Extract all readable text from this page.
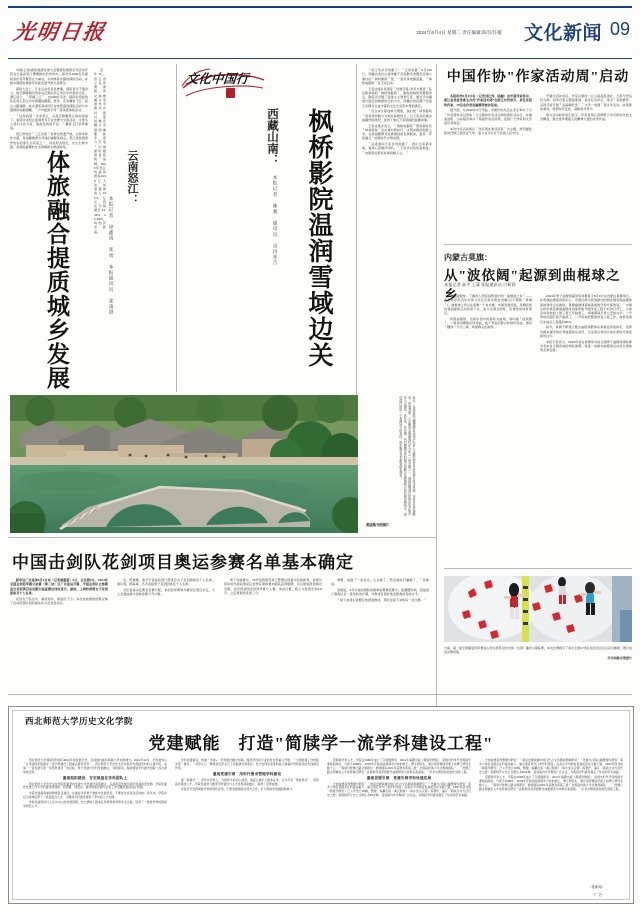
光明日报	2024年6月4日 星期二 责任编辑:陈雪/汪媛 文化新闻 09

中国(云南)探险旅游发展大会暨探险旅游系列活动开资在云南省怒江傈僳族自治州举办。国内外1000名名探险爱好者齐聚怒江大峡谷，共同体验丰富的探险活动，并就中国探险旅游可持续发展开展交流研讨。

探险大会上，专业运动员各显神通，探险者当不遗余力。数百辆摩旅自驾车队近期从怒江州泸水市集结出发，溯江而上，＂穿越三江＂，由200位学者、探险家组成的队伍深入怒江河中游腹地踏勘，此外，还有翼装飞行、高山公路速降、桂式漂流等如同专业性极高的探险活动与中国探险电影圈瞩、＂户外摇滚专场＂等深度体验活动。

＂这是我第一次来怒江，从高空俯瞰怒江真的美丽了。希望未来怒江能够更多专业比赛与交流活动，令更多人感识文化交流、提高自我的平台。＂翼装飞行员陈顺说。

怒江州地处＂三江并流＂世界自然遗产地，生物多样性丰富，是南藏旅游大环线的重要连接点。怒江是我国保护较好的原生态河流之一，河流形态稳定，水生生物丰富，是我国重要的生态屏障和水源涵养地。

近年来，怒江州立足资源禀赋，把文体旅融合发展作为推动乡村振兴、促进城乡融合发展的重要抓手，着力打造＂中国探险旅游目的地＂品牌。2023年怒江州接待游客1239万人次，实现旅游收入136.9亿元，同比分别增长13.42%、22.45%，均创历史新高。	本报记者 徐鑫雨 张勇 本报通讯员 张凌澄
云南怒江：
体旅融合提质城乡发展
文化中国行
枫桥影院温润雪域边关
西藏山南：
本报记者 佛强 通讯员 尕玛多吉

＂咱王家乡有电影了！＂正是电影＂6月100日，西藏自治区山南市隆子县各群众欢聚在边境小康村的＂枫桥影院＂里，一起共享电影盛宴，＂枫桥电影院＂在王家启动。

王家边境乡是国家＂党建引领+党员志愿者＂队伍相承接的＂枫桥电影院＂，影院放映的免费服务点，影院还设置了爱国主义教育专区，通过手动播放与固定放映相结合的方式，西藏自治区隆子县加玉乡群众日益丰富的文化生活需求得到满足。

＂连日来片影放映专题展，我们把＂枫桥影院＂的常规放映与当地实际相结合，以王家乡的桑杰前藏传统典型，讲述了他们万家团圆的温暖故事。

王家边境乡表示，＂枫桥电影院＂既是新时代＂枫桥经验＂在边境村新时代＂文明实践的创新之举，也是凝聚群众民族团结的有效载体，更是＂军民融合＂的新时代文明实践。

＂凉爽到咱王家乡放电影了，我们全家都来看，看得心里暖洋洋的。＂王家乡村民热爱地说，＂电影里的那些故事真暖人心。＂

近日，云南省怒江傈僳族自治州泸水市上江镇付坝村乡村民居与村庄风貌，该村村容村貌整洁，风景秀丽。上江镇是全国重建村庄分布之一的乡镇之一，现保留明清古民居200多栋及多个古建筑，近年来，该乡镇、该村镇通过乡村振兴战略与民族团结示范村建设相结合，将村落打造成一个充满活力的景区，每年吸引众多游客前来观光。
黄喆摄/光明图片
中国作协"作家活动周"启动

本报杭州6月3日电（记者刘江伟、陆健）由中国作家协会、浙江省委宣传部主办的"作家活动周"在浙江台州举办，单位发起的作家，15位名作者赴编辑带参加活动。

据介绍，从2018年3月开始，中国作协先后在北京举办了以＂作家朋友来过回家＂为主题的作家活动周和创作活动日，在湖南益阳、山东临沂举办了两届作家活动周，受到广大作家和文学爱好者欢迎。

本次作家活动周以＂作家朋友欢迎回家＂为主题，热烈描绘新时代浙江现实定气象、着力书写生生不息的人民史诗。

开幕式启动来后，作家们参加一江山高高促进社、大陈与登岛纪念碑、将军台里主题馆等地、追寻红色印记，举办＂家国情怀、其同还将开展＂名编辑代表＂＂文学一堂课＂等文学活动，收集新的素材，感悟时代变化，深耕创作养分。

参与活动的作家们表示，作家将用心用情用力书写新时代的文学精品，推出更多增强人民精神力量的优秀作品。

内蒙古莫旗：
从"波依阔"起源到曲棍球之乡
本报记者 高平 王潇 本报通讯员 白莉莉

说起曲棍球，了解的人很容易想到中国＂曲棍球之乡＂——内蒙古呼伦贝尔市莫力达瓦达斡尔族自治旗(以下简称＂莫旗＂)。曲棍球之所以在莫旗一个自治旗、中国发展旺盛，是旗县如何将曲棍球运动传承下去，成为全国全国性、民族性的体育项目。

传统曲棍球，达斡尔语中的称呼为曲球，球叫做＂波依阔＂，一般选用柳根自然弯曲、枝干笔直的蒙古柞制作而成，球有＂糖球＂分为三种，均须物毛皮制作。

2024年男子曲棍球超冠军杯赛将于6月8日在内蒙古莫旗举行。在莫旗曲棍球训练中心、中国达斡尔民族园内的两处国家级曲棍球基地建设正在推进。莫旗曲棍球基地基地建设和升级改造，＂中国达斡尔族民族园曲棍球训练场地升级改造工程于4月5日开工，主体会动场地的土建工程已开始施工，场地期间打样已安装完毕。一号场地范围打桩开始施工、二号场地的整体改造工程工作，体育馆项目完成总工程量的90%。

如今，莫旗不断建立健全曲棍球群体系和基层训练体系，培养出越来越多的优秀曲棍球运动员，让这项古老的运动在新时代焕发新的活力。

本报记者表示，2024年将在莫旗举办的全国男子曲棍球锦标赛共有来自全国各地的球队参赛，将进一步推动曲棍球运动在全国的普及和发展。

中国击剑队花剑项目奥运参赛名单基本确定

新华社广东连溪6月3日电（记者黄重富）3日，正在期3日、2024年全国击剑冠军赛分站赛（第二站）区广东连运开赛，中国击剑队已参赛运合花剑项目名定跟归选拔赛也同时进行。最终，上海秒获得女子花剑团体及个人名单。

花剑女子队伍中，除老将外，新面孔不少。本次选拔赛的结果反映了运动员现阶段的真实实力及竞技状态。

名，陈情维，黄平平直接获得已经离会女子花剑团体及个人名单。黄铃缘，陈海威，齐齐直接男子花剑团体及个人名单。

无论直接决定赛会名额分配，本站冠军赛举办赛况比项目末定，个人全面成绩与团体竞赛分开计算。

男子选拔赛中，15岁的管琨然是已警赛运现最出色的新秀，首席与替补的出战权利是运会男花团体赛并随队获得银牌，有总最和经验相对有限，需学得会国击剑冠军赛个人赛，本站比赛，两人交替领先至8-8平，之后管琨然连得三分。

调整，找到了一条状态，心态稳了，然后就能打赢啊了，＂吴就说。

吴就说，3月中旬的国际剑联单站赛事连赛中，他遭遇伤病，因备战已黎奥运会一直积的治疗期，外教将有更好地发挥我的竞技水平。

＂接下来我们需要总结经验教训，用好在接下来的每一次比赛。＂

日前，第二届全国攀岩冠军赛在山西太原举行的中国（全国）攀岩小锦标赛，本次比赛吸引了来自全国17支队伍的近百名运动员参赛，图片成选决赛场地。
尹其奇摄/光明图片
西北师范大学历史文化学院
党建赋能　打造"简牍学一流学科建设工程"

西北师范大学简牍学科拥有90余年的发展历史。目前国内拥有简牍大学术影响力。2022年12月，学科被列入＂甘肃省国家级国家一流学科建设工程重点建设学科＂。西北师范大学历史文化学院作为简牍学科的主建学院，肩承＂一流发展引领一流学科建设＂的目标，致力党建与学科发展融合，双轮驱动，赋能简牍学科建设创新一流水准加快迈进。

重视组织建设　夯实根基在学科团队上

西北师范大学历史文化学院党委坚持党建与学科建设深度融合，以高质量党建引领学科高质量发展。学院党委把党建工作与学科建设同谋划、同部署、同落实，推动形成党建与业务工作双融双促的良好局面。

学院党委高度重视教师队伍建设，注重在学科骨干教师中发展党员，不断优化党员队伍结构。近年来，学院先后引进和培养了一批高层次人才，为简牍学科建设提供了坚实的人才支撑。

学院党委坚持以人民为中心的发展思想，把立德树人根本任务贯穿教育教学全过程，培养了一批批优秀的简牍学研究人才。

学科创建重任，构建＂党建+＂学科建设融合机制。围绕学科和专业的党支部重点开展，＂全国党建工作样板支部＂建设、＂双带头人＂教师党支部书记工作室建设等项目，充分发挥党支部的战斗堡垒作用和党员的先锋模范作用。

重视党建引领　用时代要求管理学科建设

建＂新模式＂，坚守办学育人，为国育才的初心使命。基层立建牢人根本任务，全力打造＂德智思齐＂，培养高性素质人才，学院党委努力推进学科建设与人才培养深度融合，取得了显著成效。

学院充分发挥简牍学科的特色优势，不断加强国际交流与合作，扩大简牍学的国际影响力。

量简牍学科人才，学院在1990年成立了汉简数研究，2011年编撰出版《简牍学教程》，是国内科早开设简牍学课程的高校，分别于1998年、2005年开始招收简牍学方向的硕士、博士研究生，累计培养简牍学硕士和博士研究生数十人，＂简牍与丝绸之路文明研究＂教师团队2021年获教育部第三批＂全国高校黄大年式教师团队＂，＂丝绸之路文明被包人才培养模式研究＂获教育部省部级教学成果研究与改革实验基地。＂中华文明创造性转化创新工程。

重视思想引领　党建引领学科快速发展

方向成果资料整理与研究＂＂国家治理视阈中的汉代合文名简牍形制研究＂＂先秦与汉简古籍整理与研究＂等多个项目获国家社科基金重大、重点项目和分门类学科项目。在高水平刊物发表高质量论文数十篇，1997年创刊的《简牍学研究》已公开发行18辑，整理、编纂出版《秦汉简牍》《肩水金关汉简》等著作，编写《简牍文书与近代史之经》等简牍学与出土文明丛书50余种，受到海内外学界的广泛关注，为简牍学科建设奠定了坚实的学术基础。

方向成果资料整理与研究＂＂国家治理视阈中的汉代合文名简牍形制研究＂＂先秦与汉简古籍整理与研究＂等多个项目获国家社科基金重大、重点项目和分门类学科项目。在高水平刊物发表高质量论文数十篇，1997年创刊的《简牍学研究》已公开发行18辑，整理、编纂出版《秦汉简牍》《肩水金关汉简》等著作，编写《简牍文书与近代史之经》等简牍学与出土文明丛书50余种，受到海内外学界的广泛关注，为简牍学科建设奠定了坚实的学术基础。

量简牍学科人才，学院在1990年成立了汉简数研究，2011年编撰出版《简牍学教程》，是国内科早开设简牍学课程的高校，分别于1998年、2005年开始招收简牍学方向的硕士、博士研究生，累计培养简牍学硕士和博士研究生数十人，＂简牍与丝绸之路文明研究＂教师团队2021年获教育部第三批＂全国高校黄大年式教师团队＂，＂丝绸之路文明被包人才培养模式研究＂获教育部省部级教学成果研究与改革实验基地。＂中华文明创造性转化创新工程。

（喜新闻）
·广 告·
